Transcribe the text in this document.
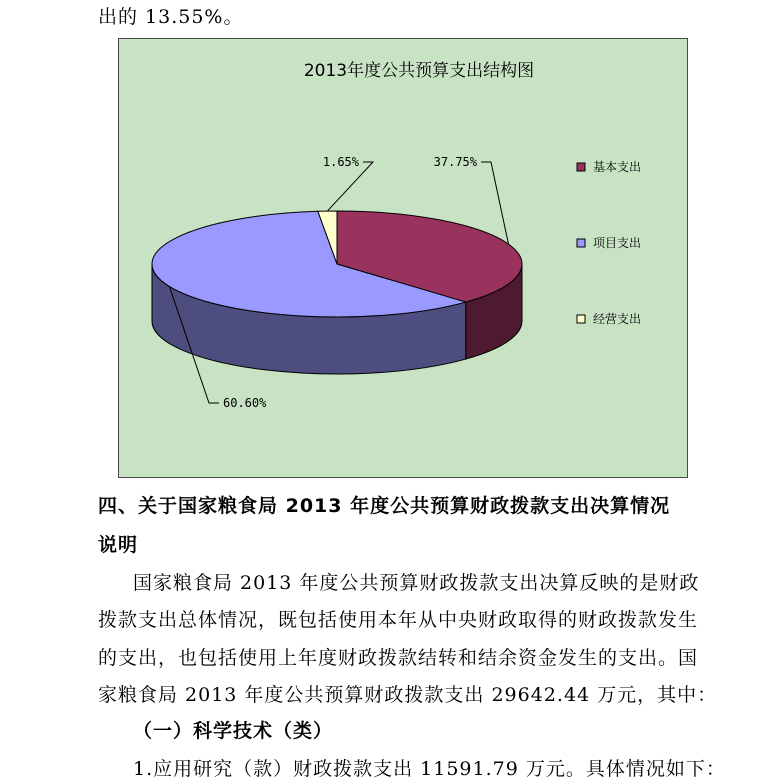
出的 13.55%。

2013年度公共预算支出结构图
37.75%
60.60%
1.65%	基本支出
项目支出
经营支出

四、关于国家粮食局 2013 年度公共预算财政拨款支出决算情况

说明

国家粮食局 2013 年度公共预算财政拨款支出决算反映的是财政

拨款支出总体情况，既包括使用本年从中央财政取得的财政拨款发生

的支出，也包括使用上年度财政拨款结转和结余资金发生的支出。国

家粮食局 2013 年度公共预算财政拨款支出 29642.44 万元，其中：

（一）科学技术（类）

1.应用研究（款）财政拨款支出 11591.79 万元。具体情况如下：
